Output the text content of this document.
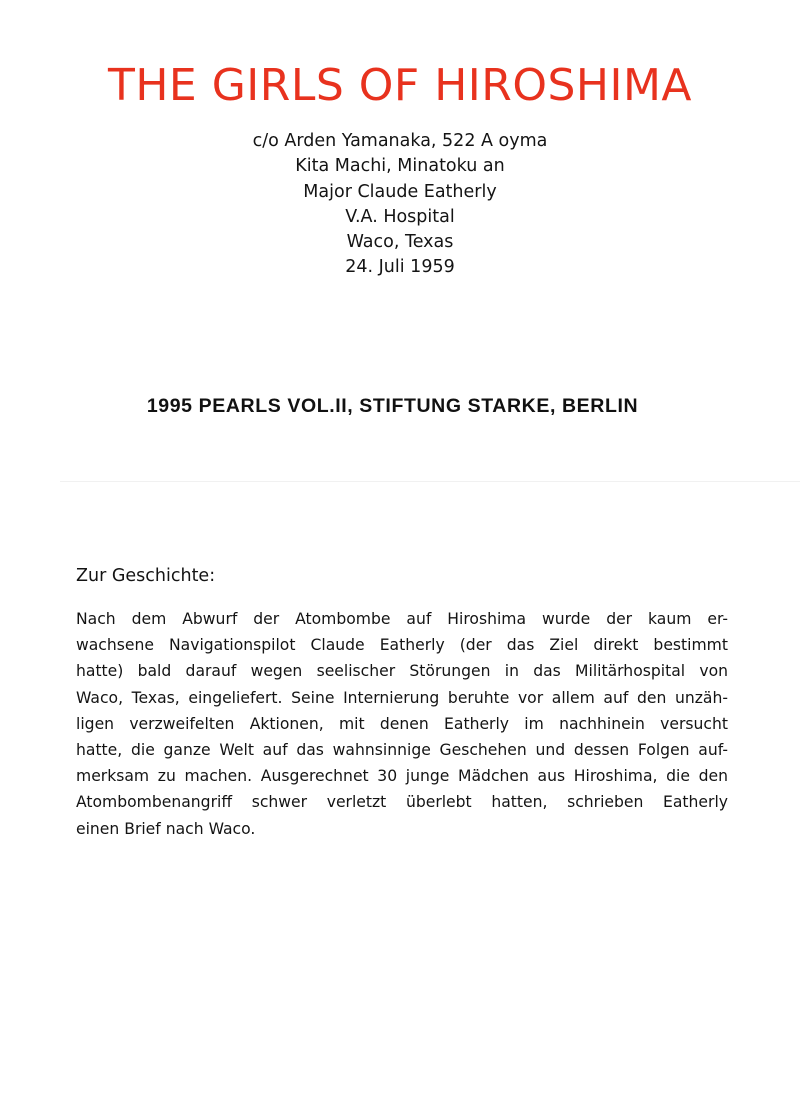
THE GIRLS OF HIROSHIMA
c/o Arden Yamanaka, 522 A oyma
Kita Machi, Minatoku an
Major Claude Eatherly
V.A. Hospital
Waco, Texas
24. Juli 1959
1995 PEARLS VOL.II, STIFTUNG STARKE, BERLIN
Zur Geschichte:
Nach dem Abwurf der Atombombe auf Hiroshima wurde der kaum er-
wachsene Navigationspilot Claude Eatherly (der das Ziel direkt bestimmt
hatte) bald darauf wegen seelischer Störungen in das Militärhospital von
Waco, Texas, eingeliefert. Seine Internierung beruhte vor allem auf den unzäh-
ligen verzweifelten Aktionen, mit denen Eatherly im nachhinein versucht
hatte, die ganze Welt auf das wahnsinnige Geschehen und dessen Folgen auf-
merksam zu machen. Ausgerechnet 30 junge Mädchen aus Hiroshima, die den
Atombombenangriff schwer verletzt überlebt hatten, schrieben Eatherly
einen Brief nach Waco.
